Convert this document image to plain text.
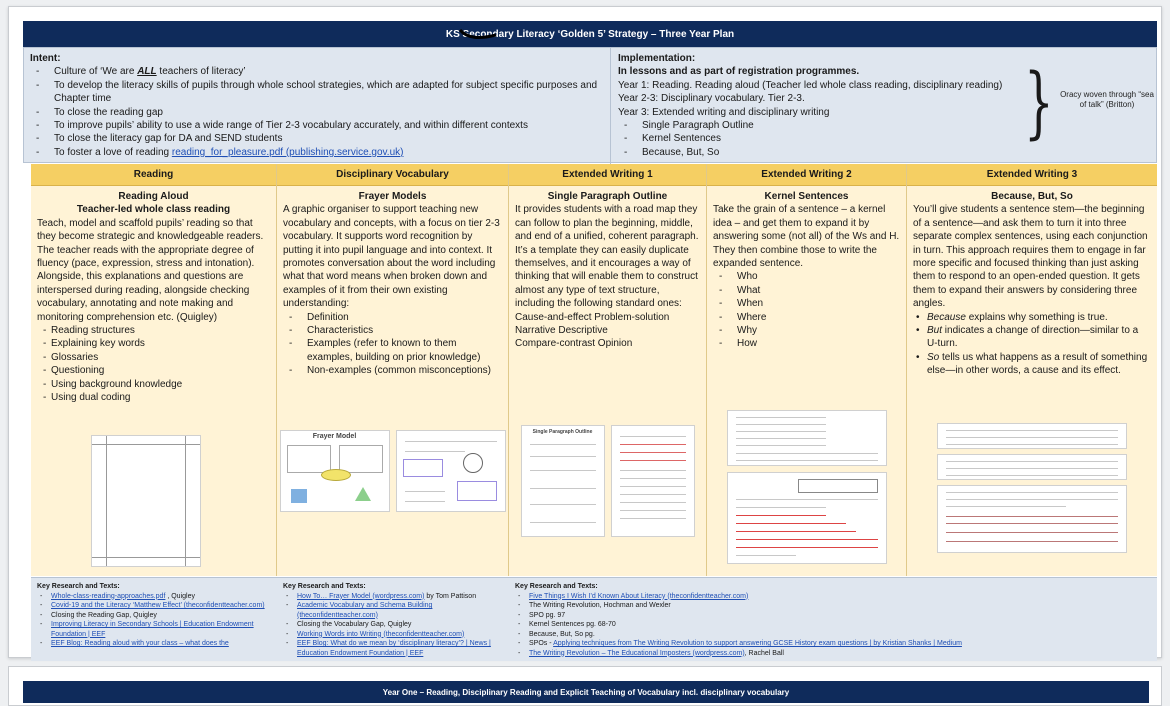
KS Secondary Literacy ‘Golden 5’ Strategy – Three Year Plan
Intent:
- Culture of ‘We are ALL teachers of literacy’
- To develop the literacy skills of pupils through whole school strategies, which are adapted for subject specific purposes and Chapter time
- To close the reading gap
- To improve pupils’ ability to use a wide range of Tier 2-3 vocabulary accurately, and within different contexts
- To close the literacy gap for DA and SEND students
- To foster a love of reading reading_for_pleasure.pdf (publishing.service.gov.uk)
Implementation:
In lessons and as part of registration programmes.
Year 1: Reading. Reading aloud (Teacher led whole class reading, disciplinary reading)
Year 2-3: Disciplinary vocabulary. Tier 2-3.
Year 3: Extended writing and disciplinary writing
- Single Paragraph Outline
- Kernel Sentences
- Because, But, So
} Oracy woven through “sea of talk” (Britton)
Reading
Reading Aloud
Teacher-led whole class reading
Teach, model and scaffold pupils’ reading so that they become strategic and knowledgeable readers.
The teacher reads with the appropriate degree of fluency (pace, expression, stress and intonation). Alongside, this explanations and questions are interspersed during reading, alongside checking vocabulary, annotating and note making and monitoring comprehension etc. (Quigley)
- Reading structures
- Explaining key words
- Glossaries
- Questioning
- Using background knowledge
- Using dual coding
Disciplinary Vocabulary
Frayer Models
A graphic organiser to support teaching new vocabulary and concepts, with a focus on tier 2-3 vocabulary. It supports word recognition by putting it into pupil language and into context. It promotes conversation about the word including what that word means when broken down and examples of it from their own existing understanding:
- Definition
- Characteristics
- Examples (refer to known to them examples, building on prior knowledge)
- Non-examples (common misconceptions)
Frayer Model
Extended Writing 1
Single Paragraph Outline
It provides students with a road map they can follow to plan the beginning, middle, and end of a unified, coherent paragraph.
It’s a template they can easily duplicate themselves, and it encourages a way of thinking that will enable them to construct almost any type of text structure, including the following standard ones:
Cause-and-effect Problem-solution
Narrative Descriptive
Compare-contrast Opinion
Single Paragraph Outline
Extended Writing 2
Kernel Sentences
Take the grain of a sentence – a kernel idea – and get them to expand it by answering some (not all) of the Ws and H. They then combine those to write the expanded sentence.
- Who
- What
- When
- Where
- Why
- How
Extended Writing 3
Because, But, So
You’ll give students a sentence stem—the beginning of a sentence—and ask them to turn it into three separate complex sentences, using each conjunction in turn. This approach requires them to engage in far more specific and focused thinking than just asking them to respond to an open-ended question. It gets them to expand their answers by considering three angles.
• Because explains why something is true.
• But indicates a change of direction—similar to a U-turn.
• So tells us what happens as a result of something else—in other words, a cause and its effect.
Key Research and Texts:
- Whole-class-reading-approaches.pdf , Quigley
- Covid-19 and the Literacy ‘Matthew Effect’ (theconfidentteacher.com)
- Closing the Reading Gap, Quigley
- Improving Literacy in Secondary Schools | Education Endowment Foundation | EEF
- EEF Blog: Reading aloud with your class – what does the
Key Research and Texts:
- How To… Frayer Model (wordpress.com) by Tom Pattison
- Academic Vocabulary and Schema Building (theconfidentteacher.com)
- Closing the Vocabulary Gap, Quigley
- Working Words into Writing (theconfidentteacher.com)
- EEF Blog: What do we mean by ‘disciplinary literacy’? | News | Education Endowment Foundation | EEF
Key Research and Texts:
- Five Things I Wish I’d Known About Literacy (theconfidentteacher.com)
- The Writing Revolution, Hochman and Wexler
- SPO pg. 97
- Kernel Sentences pg. 68-70
- Because, But, So pg.
- SPOs - Applying techniques from The Writing Revolution to support answering GCSE History exam questions | by Kristian Shanks | Medium
- The Writing Revolution – The Educational Imposters (wordpress.com), Rachel Ball
Year One – Reading, Disciplinary Reading and Explicit Teaching of Vocabulary incl. disciplinary vocabulary
